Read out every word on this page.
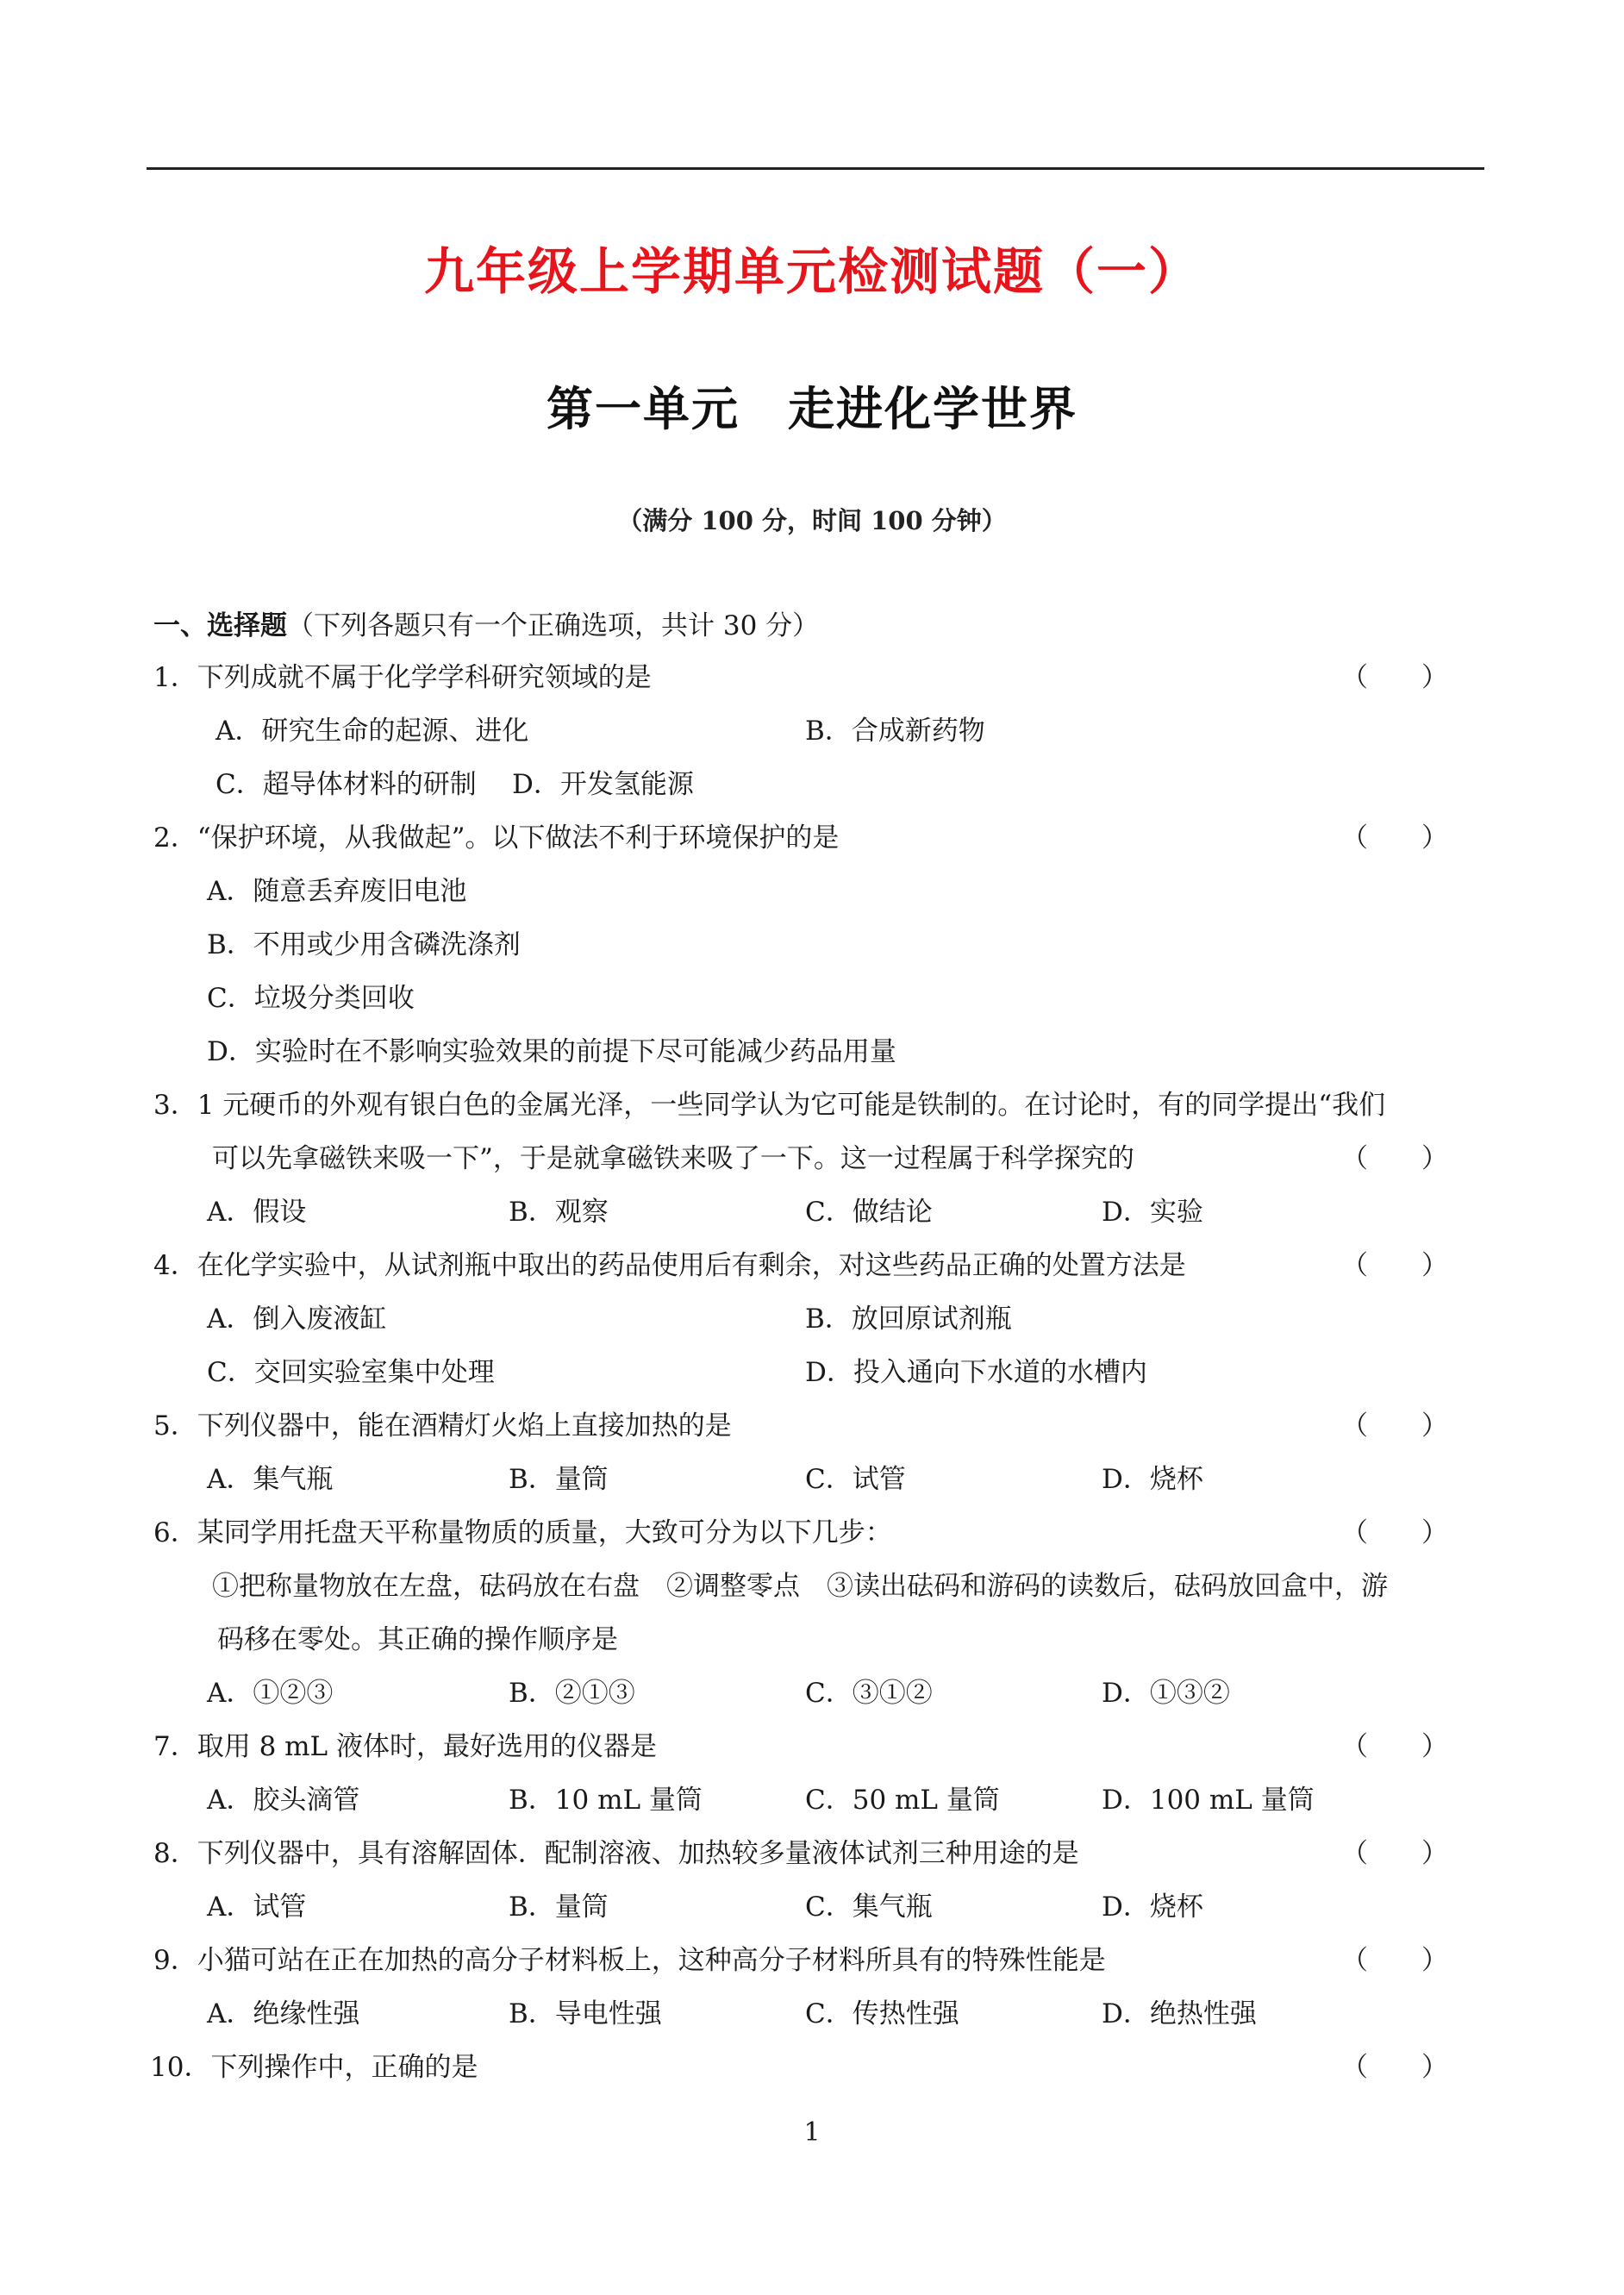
九年级上学期单元检测试题（一）
第一单元　走进化学世界
（满分 100 分，时间 100 分钟）
一、选择题（下列各题只有一个正确选项，共计 30 分）
1．下列成就不属于化学学科研究领域的是	（　　）
A．研究生命的起源、进化	B．合成新药物
C．超导体材料的研制 D．开发氢能源
2．“保护环境，从我做起”。以下做法不利于环境保护的是	（　　）
A．随意丢弃废旧电池
B．不用或少用含磷洗涤剂
C．垃圾分类回收
D．实验时在不影响实验效果的前提下尽可能减少药品用量
3．1 元硬币的外观有银白色的金属光泽，一些同学认为它可能是铁制的。在讨论时，有的同学提出“我们
可以先拿磁铁来吸一下”，于是就拿磁铁来吸了一下。这一过程属于科学探究的	（　　）
A．假设	B．观察	C．做结论	D．实验
4．在化学实验中，从试剂瓶中取出的药品使用后有剩余，对这些药品正确的处置方法是	（　　）
A．倒入废液缸	B．放回原试剂瓶
C．交回实验室集中处理	D．投入通向下水道的水槽内
5．下列仪器中，能在酒精灯火焰上直接加热的是	（　　）
A．集气瓶	B．量筒	C．试管	D．烧杯
6．某同学用托盘天平称量物质的质量，大致可分为以下几步：	（　　）
①把称量物放在左盘，砝码放在右盘　②调整零点　③读出砝码和游码的读数后，砝码放回盒中，游
码移在零处。其正确的操作顺序是
A．①②③	B．②①③	C．③①②	D．①③②
7．取用 8 mL 液体时，最好选用的仪器是	（　　）
A．胶头滴管	B．10 mL 量筒	C．50 mL 量筒	D．100 mL 量筒
8．下列仪器中，具有溶解固体．配制溶液、加热较多量液体试剂三种用途的是	（　　）
A．试管	B．量筒	C．集气瓶	D．烧杯
9．小猫可站在正在加热的高分子材料板上，这种高分子材料所具有的特殊性能是	（　　）
A．绝缘性强	B．导电性强	C．传热性强	D．绝热性强
10．下列操作中，正确的是	（　　）
1
